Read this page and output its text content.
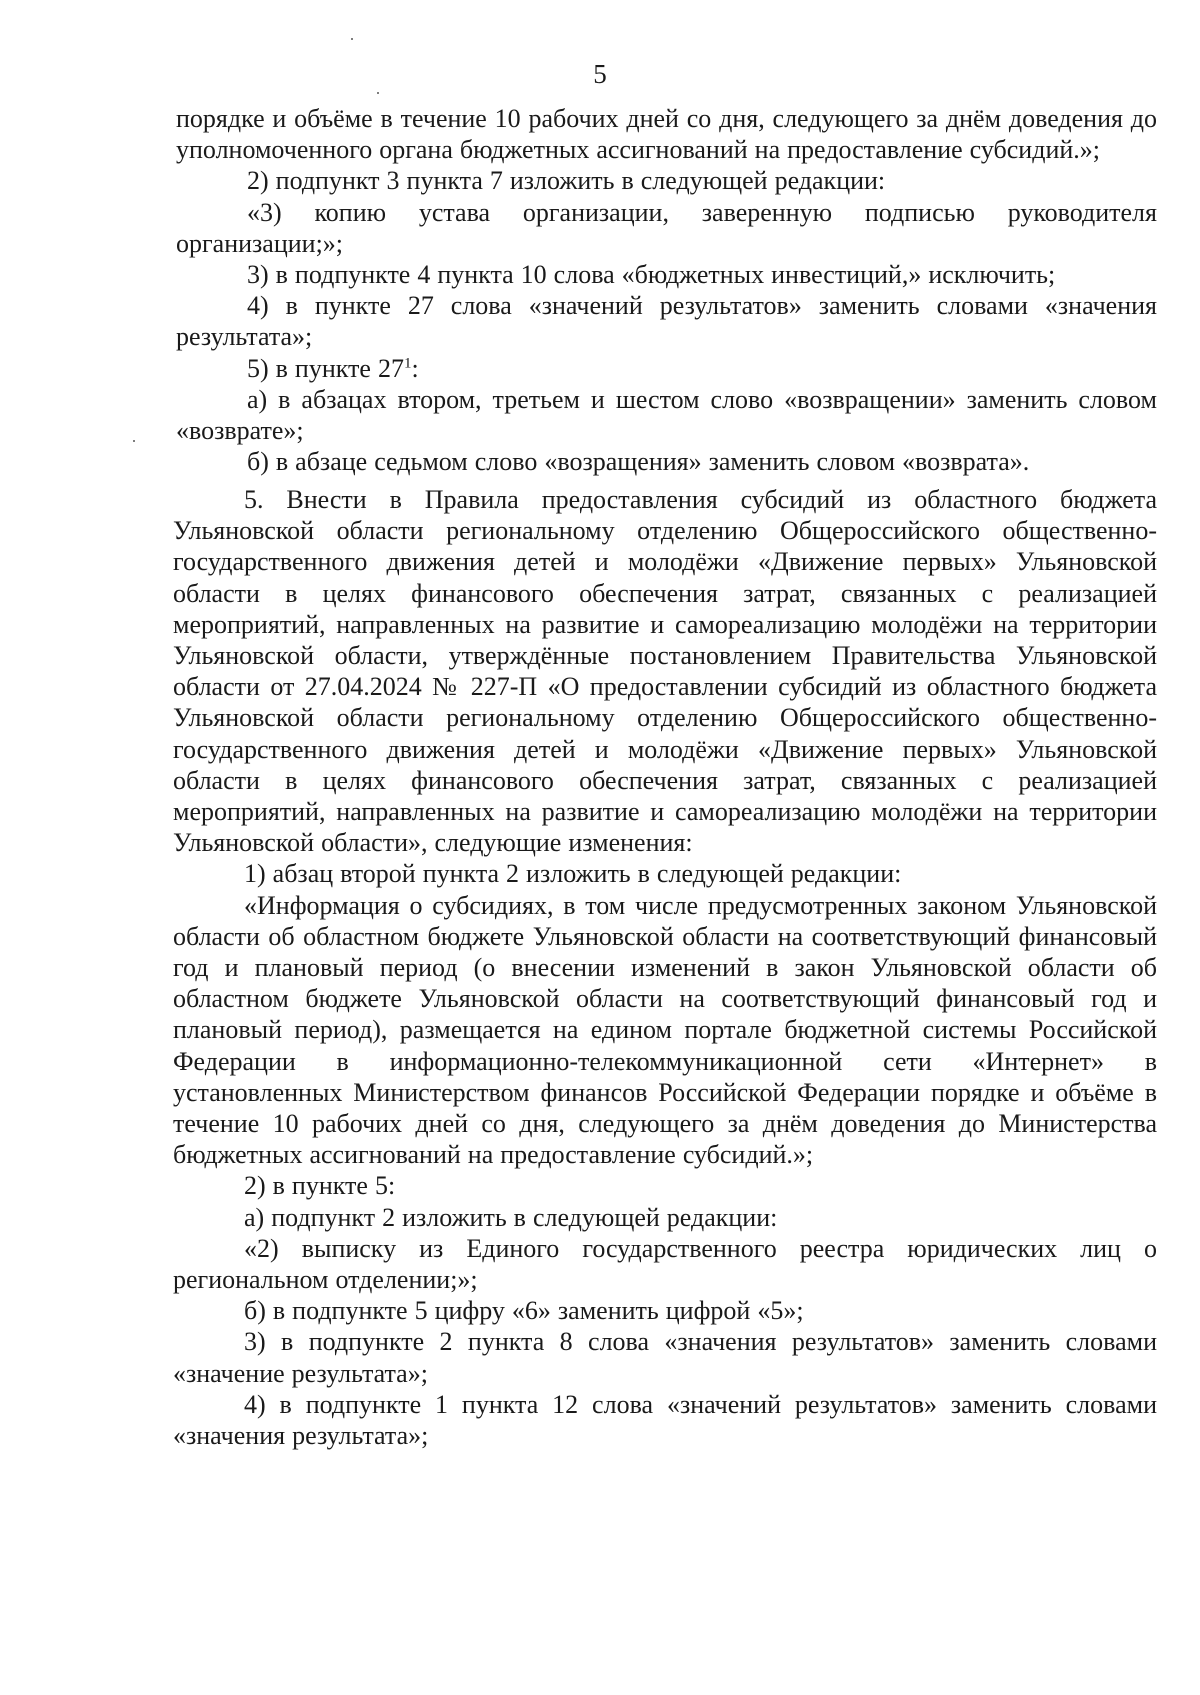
5

порядке и объёме в течение 10 рабочих дней со дня, следующего за днём доведения до уполномоченного органа бюджетных ассигнований на предоставление субсидий.»;

2) подпункт 3 пункта 7 изложить в следующей редакции:

«3) копию устава организации, заверенную подписью руководителя организации;»;

3) в подпункте 4 пункта 10 слова «бюджетных инвестиций,» исключить;

4) в пункте 27 слова «значений результатов» заменить словами «значения результата»;

5) в пункте $27^1$:

а) в абзацах втором, третьем и шестом слово «возвращении» заменить словом «возврате»;

б) в абзаце седьмом слово «возращения» заменить словом «возврата».

5. Внести в Правила предоставления субсидий из областного бюджета Ульяновской области региональному отделению Общероссийского общественно-государственного движения детей и молодёжи «Движение первых» Ульяновской области в целях финансового обеспечения затрат, связанных с реализацией мероприятий, направленных на развитие и самореализацию молодёжи на территории Ульяновской области, утверждённые постановлением Правительства Ульяновской области от 27.04.2024 № 227-П «О предоставлении субсидий из областного бюджета Ульяновской области региональному отделению Общероссийского общественно-государственного движения детей и молодёжи «Движение первых» Ульяновской области в целях финансового обеспечения затрат, связанных с реализацией мероприятий, направленных на развитие и самореализацию молодёжи на территории Ульяновской области», следующие изменения:

1) абзац второй пункта 2 изложить в следующей редакции:

«Информация о субсидиях, в том числе предусмотренных законом Ульяновской области об областном бюджете Ульяновской области на соответствующий финансовый год и плановый период (о внесении изменений в закон Ульяновской области об областном бюджете Ульяновской области на соответствующий финансовый год и плановый период), размещается на едином портале бюджетной системы Российской Федерации в информационно-телекоммуникационной сети «Интернет» в установленных Министерством финансов Российской Федерации порядке и объёме в течение 10 рабочих дней со дня, следующего за днём доведения до Министерства бюджетных ассигнований на предоставление субсидий.»;

2) в пункте 5:

а) подпункт 2 изложить в следующей редакции:

«2) выписку из Единого государственного реестра юридических лиц о региональном отделении;»;

б) в подпункте 5 цифру «6» заменить цифрой «5»;

3) в подпункте 2 пункта 8 слова «значения результатов» заменить словами «значение результата»;

4) в подпункте 1 пункта 12 слова «значений результатов» заменить словами «значения результата»;
